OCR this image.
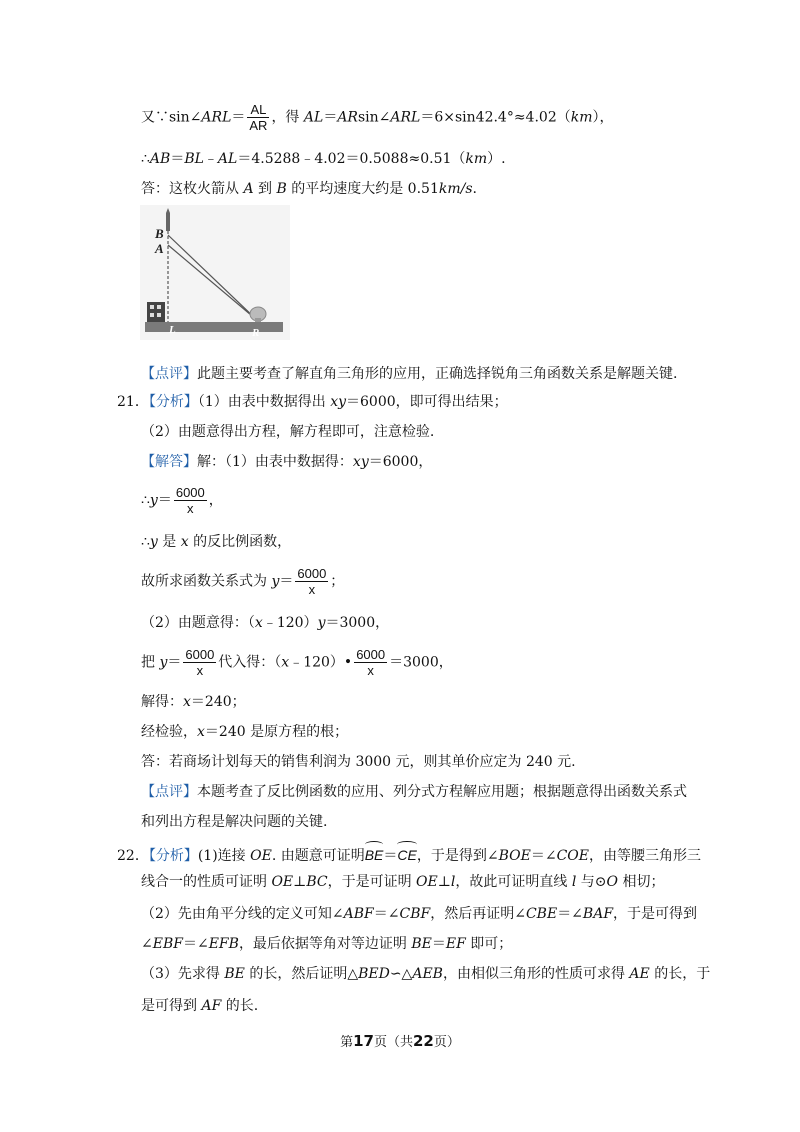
又∵sin∠ARL＝ $\frac{AL}{AR}$ ，得 AL＝ARsin∠ARL＝6×sin42.4°≈4.02（km），
∴AB＝BL﹣AL＝4.5288﹣4.02＝0.5088≈0.51（km）.
答：这枚火箭从 A 到 B 的平均速度大约是 0.51km/s.
B
A
L	R
【点评】此题主要考查了解直角三角形的应用，正确选择锐角三角函数关系是解题关键.
21．【分析】（1）由表中数据得出 xy＝6000，即可得出结果；
（2）由题意得出方程，解方程即可，注意检验.
【解答】解：（1）由表中数据得：xy＝6000，
∴y＝ $\frac{6000}{x}$ ，
∴y 是 x 的反比例函数，
故所求函数关系式为 $y= \frac{6000}{x}$ ；
（2）由题意得：（x﹣120）y＝3000，
把 $y= \frac{6000}{x}$ 代入得：（x﹣120）• $\frac{6000}{x} =3000$，
解得：x＝240；
经检验，x＝240 是原方程的根；
答：若商场计划每天的销售利润为 3000 元，则其单价应定为 240 元.
【点评】本题考查了反比例函数的应用、列分式方程解应用题；根据题意得出函数关系式
和列出方程是解决问题的关键.
22．【分析】(1)连接 OE. 由题意可证明BE＝CE，于是得到∠BOE＝∠COE，由等腰三角形三
线合一的性质可证明 OE⊥BC，于是可证明 OE⊥l，故此可证明直线 l 与⊙O 相切；
（2）先由角平分线的定义可知∠ABF＝∠CBF，然后再证明∠CBE＝∠BAF，于是可得到
∠EBF＝∠EFB，最后依据等角对等边证明 BE＝EF 即可；
（3）先求得 BE 的长，然后证明△BED∽△AEB，由相似三角形的性质可求得 AE 的长，于
是可得到 AF 的长.
第17页（共22页）
